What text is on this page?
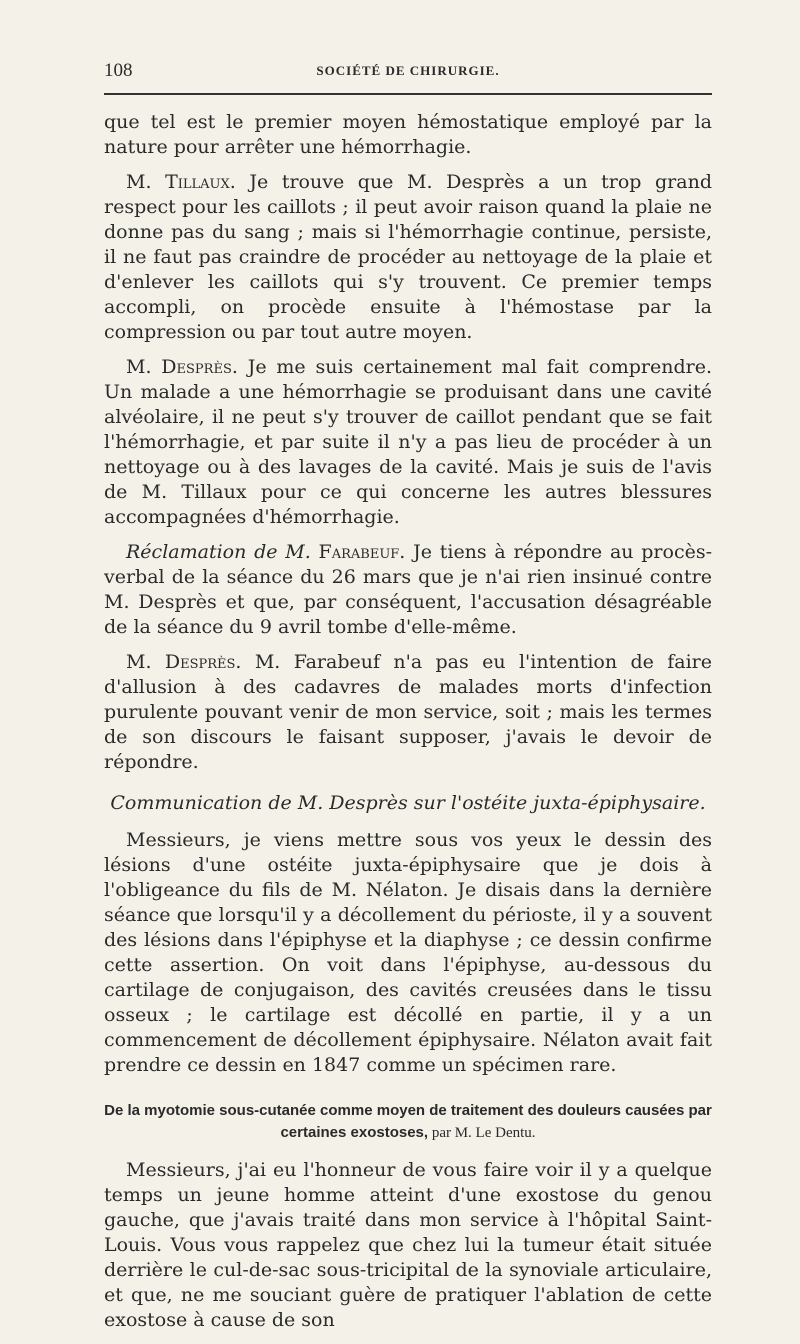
108	SOCIÉTÉ DE CHIRURGIE.

que tel est le premier moyen hémostatique employé par la nature pour arrêter une hémorrhagie.

M. Tillaux. Je trouve que M. Desprès a un trop grand respect pour les caillots ; il peut avoir raison quand la plaie ne donne pas du sang ; mais si l'hémorrhagie continue, persiste, il ne faut pas craindre de procéder au nettoyage de la plaie et d'enlever les caillots qui s'y trouvent. Ce premier temps accompli, on procède ensuite à l'hémostase par la compression ou par tout autre moyen.

M. Desprès. Je me suis certainement mal fait comprendre. Un malade a une hémorrhagie se produisant dans une cavité alvéolaire, il ne peut s'y trouver de caillot pendant que se fait l'hémorrhagie, et par suite il n'y a pas lieu de procéder à un nettoyage ou à des lavages de la cavité. Mais je suis de l'avis de M. Tillaux pour ce qui concerne les autres blessures accompagnées d'hémorrhagie.

Réclamation de M. Farabeuf. Je tiens à répondre au procès-verbal de la séance du 26 mars que je n'ai rien insinué contre M. Desprès et que, par conséquent, l'accusation désagréable de la séance du 9 avril tombe d'elle-même.

M. Desprès. M. Farabeuf n'a pas eu l'intention de faire d'allusion à des cadavres de malades morts d'infection purulente pouvant venir de mon service, soit ; mais les termes de son discours le faisant supposer, j'avais le devoir de répondre.

Communication de M. Desprès sur l'ostéite juxta-épiphysaire.

Messieurs, je viens mettre sous vos yeux le dessin des lésions d'une ostéite juxta-épiphysaire que je dois à l'obligeance du fils de M. Nélaton. Je disais dans la dernière séance que lorsqu'il y a décollement du périoste, il y a souvent des lésions dans l'épiphyse et la diaphyse ; ce dessin confirme cette assertion. On voit dans l'épiphyse, au-dessous du cartilage de conjugaison, des cavités creusées dans le tissu osseux ; le cartilage est décollé en partie, il y a un commencement de décollement épiphysaire. Nélaton avait fait prendre ce dessin en 1847 comme un spécimen rare.

De la myotomie sous-cutanée comme moyen de traitement des douleurs causées par certaines exostoses, par M. Le Dentu.

Messieurs, j'ai eu l'honneur de vous faire voir il y a quelque temps un jeune homme atteint d'une exostose du genou gauche, que j'avais traité dans mon service à l'hôpital Saint-Louis. Vous vous rappelez que chez lui la tumeur était située derrière le cul-de-sac sous-tricipital de la synoviale articulaire, et que, ne me souciant guère de pratiquer l'ablation de cette exostose à cause de son
